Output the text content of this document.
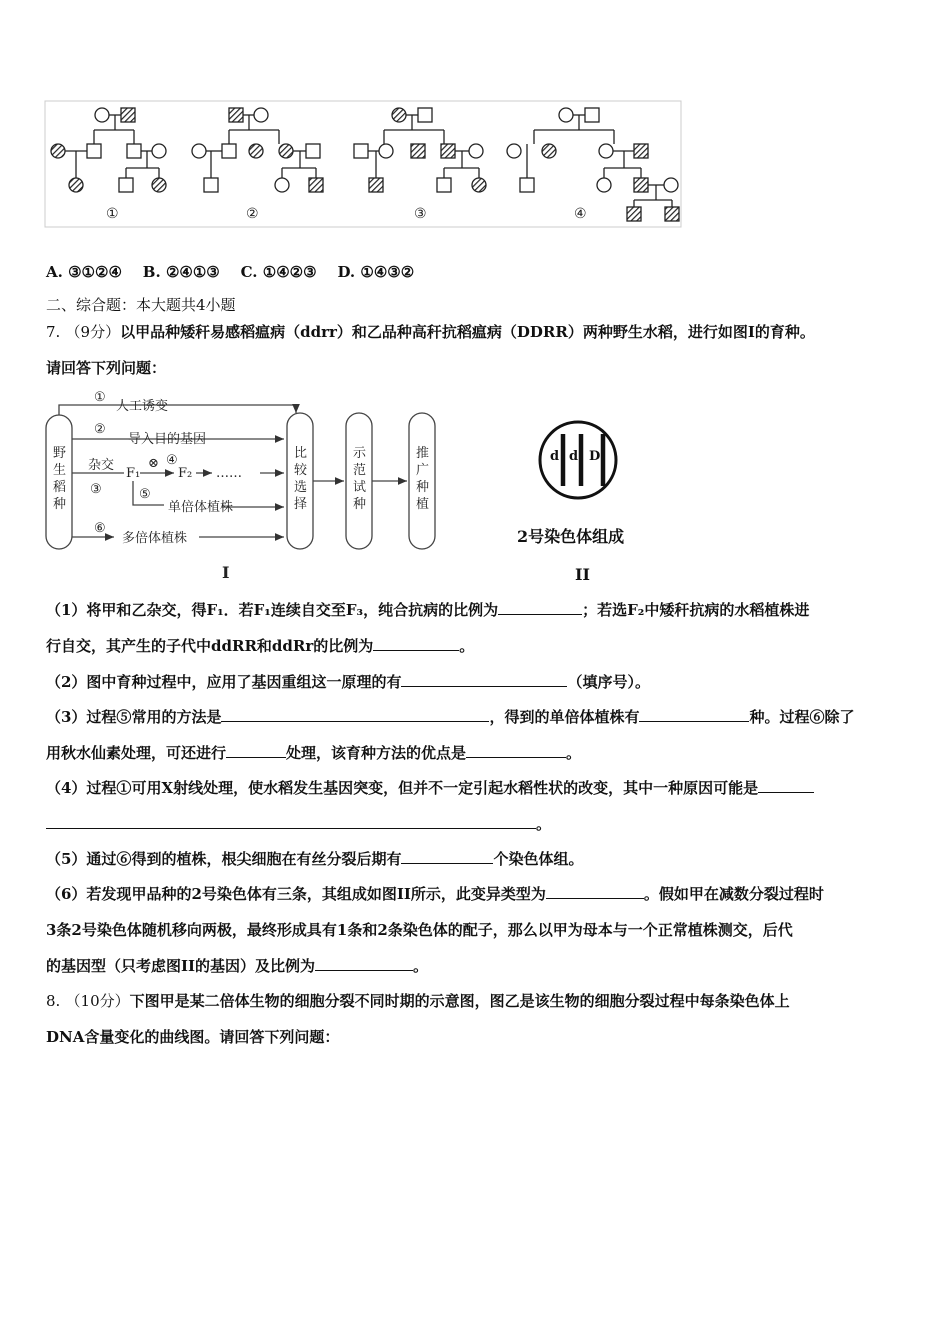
①	②	③	④
A. ③①②④ B. ②④①③ C. ①④②③ D. ①④③②
二、综合题：本大题共4小题
7. （9分）以甲品种矮秆易感稻瘟病（ddrr）和乙品种高秆抗稻瘟病（DDRR）两种野生水稻，进行如图I的育种。
请回答下列问题：
野生稻种
比较选择
示范试种
推广种植
①
人工诱变
②
导入目的基因
杂交
③
F₁
⊗ ④
F₂ ……
⑤
单倍体植株
⑥
多倍体植株
I
d d D
2号染色体组成
II
（1）将甲和乙杂交，得F₁．若F₁连续自交至F₃，纯合抗病的比例为	；若选F₂中矮秆抗病的水稻植株进
行自交，其产生的子代中ddRR和ddRr的比例为	。
（2）图中育种过程中，应用了基因重组这一原理的有	（填序号）。
（3）过程⑤常用的方法是	，得到的单倍体植株有	种。过程⑥除了
用秋水仙素处理，可还进行	处理，该育种方法的优点是	。
（4）过程①可用X射线处理，使水稻发生基因突变，但并不一定引起水稻性状的改变，其中一种原因可能是
。
（5）通过⑥得到的植株，根尖细胞在有丝分裂后期有	个染色体组。
（6）若发现甲品种的2号染色体有三条，其组成如图II所示，此变异类型为	。假如甲在减数分裂过程时
3条2号染色体随机移向两极，最终形成具有1条和2条染色体的配子，那么以甲为母本与一个正常植株测交，后代
的基因型（只考虑图II的基因）及比例为	。
8. （10分）下图甲是某二倍体生物的细胞分裂不同时期的示意图，图乙是该生物的细胞分裂过程中每条染色体上
DNA含量变化的曲线图。请回答下列问题：
